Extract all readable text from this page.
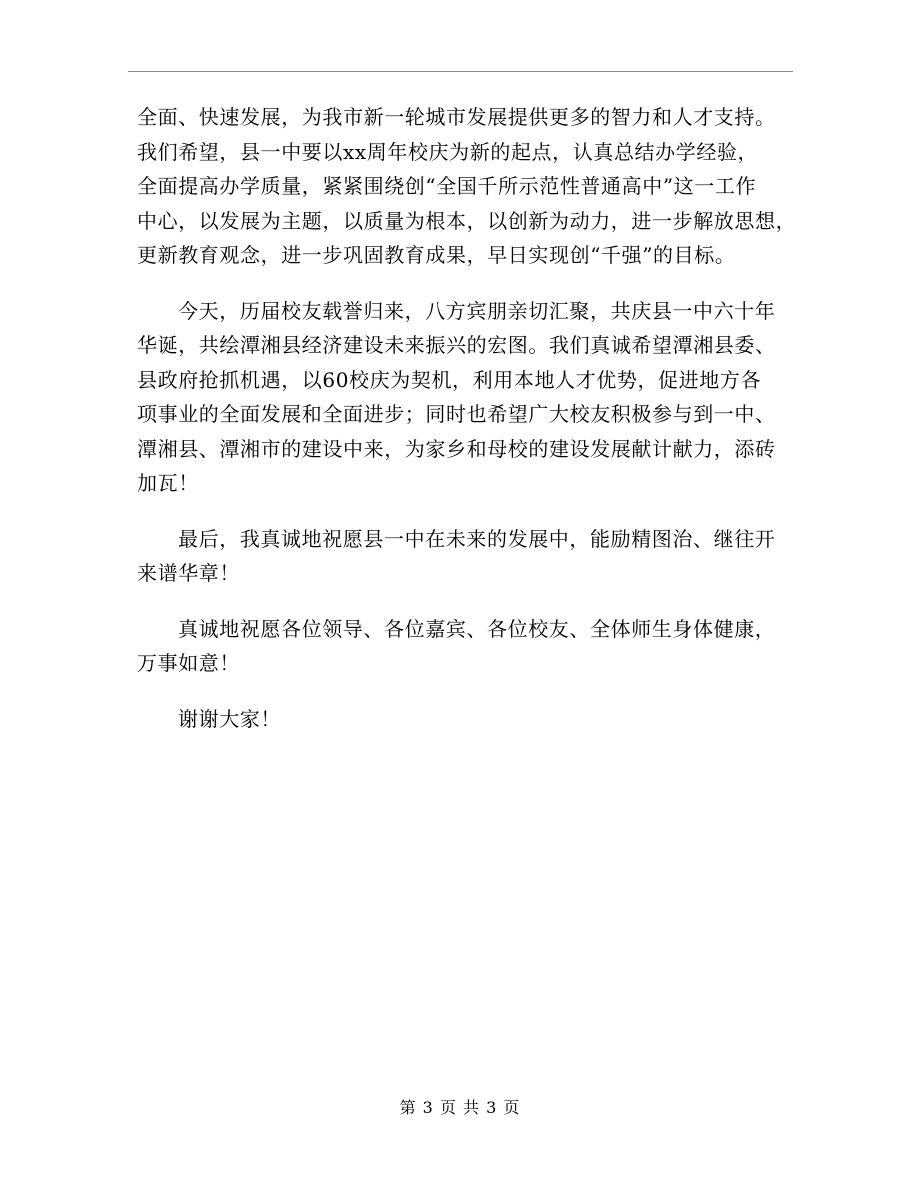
全面、快速发展，为我市新一轮城市发展提供更多的智力和人才支持。
我们希望，县一中要以xx周年校庆为新的起点，认真总结办学经验，
全面提高办学质量，紧紧围绕创“全国千所示范性普通高中”这一工作
中心，以发展为主题，以质量为根本，以创新为动力，进一步解放思想，
更新教育观念，进一步巩固教育成果，早日实现创“千强”的目标。

今天，历届校友载誉归来，八方宾朋亲切汇聚，共庆县一中六十年
华诞，共绘潭湘县经济建设未来振兴的宏图。我们真诚希望潭湘县委、
县政府抢抓机遇，以60校庆为契机，利用本地人才优势，促进地方各
项事业的全面发展和全面进步；同时也希望广大校友积极参与到一中、
潭湘县、潭湘市的建设中来，为家乡和母校的建设发展献计献力，添砖
加瓦！

最后，我真诚地祝愿县一中在未来的发展中，能励精图治、继往开
来谱华章！

真诚地祝愿各位领导、各位嘉宾、各位校友、全体师生身体健康，
万事如意！

谢谢大家！

第 3 页 共 3 页
